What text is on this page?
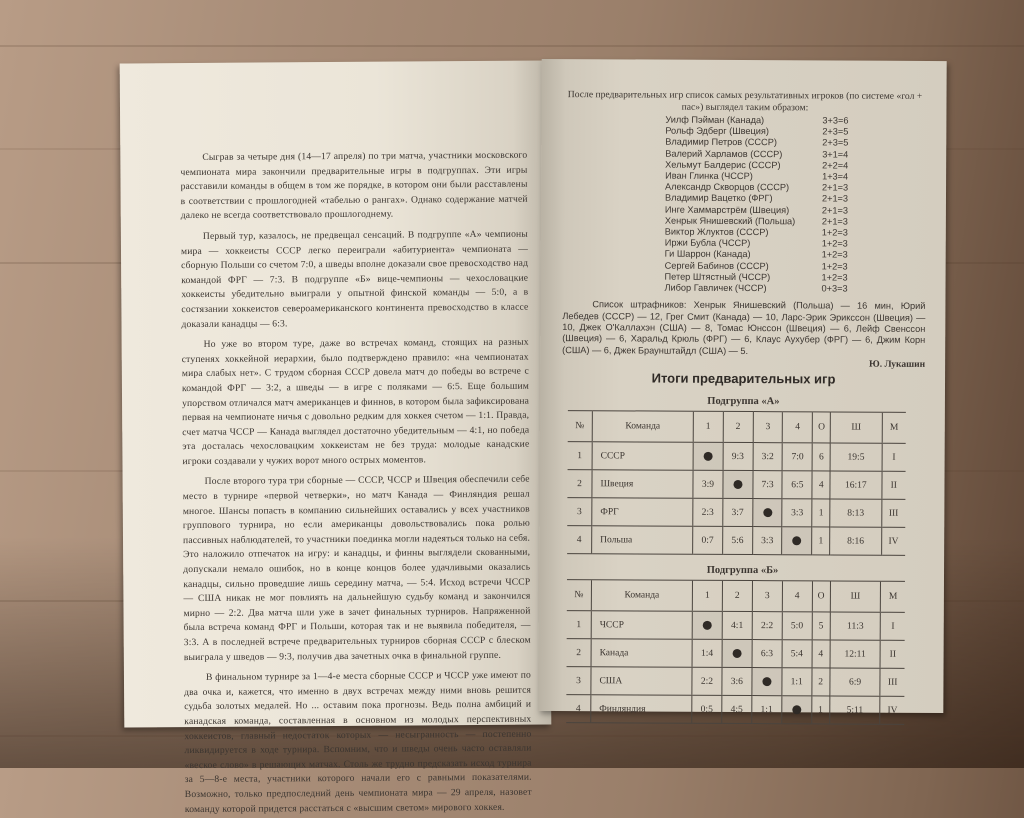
Сыграв за четыре дня (14—17 апреля) по три матча, участники московского чемпионата мира закончили предварительные игры в подгруппах. Эти игры расставили команды в общем в том же порядке, в котором они были расставлены в соответствии с прошлогодней «табелью о рангах». Однако содержание матчей далеко не всегда соответствовало прошлогоднему.

Первый тур, казалось, не предвещал сенсаций. В подгруппе «А» чемпионы мира — хоккеисты СССР легко переиграли «абитуриента» чемпионата — сборную Польши со счетом 7:0, а шведы вполне доказали свое превосходство над командой ФРГ — 7:3. В подгруппе «Б» вице-чемпионы — чехословацкие хоккеисты убедительно выиграли у опытной финской команды — 5:0, а в состязании хоккеистов североамериканского континента превосходство в классе доказали канадцы — 6:3.

Но уже во втором туре, даже во встречах команд, стоящих на разных ступенях хоккейной иерархии, было подтверждено правило: «на чемпионатах мира слабых нет». С трудом сборная СССР довела матч до победы во встрече с командой ФРГ — 3:2, а шведы — в игре с поляками — 6:5. Еще большим упорством отличался матч американцев и финнов, в котором была зафиксирована первая на чемпионате ничья с довольно редким для хоккея счетом — 1:1. Правда, счет матча ЧССР — Канада выглядел достаточно убедительным — 4:1, но победа эта досталась чехословацким хоккеистам не без труда: молодые канадские игроки создавали у чужих ворот много острых моментов.

После второго тура три сборные — СССР, ЧССР и Швеция обеспечили себе место в турнире «первой четверки», но матч Канада — Финляндия решал многое. Шансы попасть в компанию сильнейших оставались у всех участников группового турнира, но если американцы довольствовались пока ролью пассивных наблюдателей, то участники поединка могли надеяться только на себя. Это наложило отпечаток на игру: и канадцы, и финны выглядели скованными, допускали немало ошибок, но в конце концов более удачливыми оказались канадцы, сильно проведшие лишь середину матча, — 5:4. Исход встречи ЧССР — США никак не мог повлиять на дальнейшую судьбу команд и закончился мирно — 2:2. Два матча шли уже в зачет финальных турниров. Напряженной была встреча команд ФРГ и Польши, которая так и не выявила победителя, — 3:3. А в последней встрече предварительных турниров сборная СССР с блеском выиграла у шведов — 9:3, получив два зачетных очка в финальной группе.

В финальном турнире за 1—4-е места сборные СССР и ЧССР уже имеют по два очка и, кажется, что именно в двух встречах между ними вновь решится судьба золотых медалей. Но ... оставим пока прогнозы. Ведь полна амбиций и канадская команда, составленная в основном из молодых перспективных хоккеистов, главный недостаток которых — несыгранность — постепенно ликвидируется в ходе турнира. Вспомним, что и шведы очень часто оставляли «веское слово» в решающих матчах. Столь же трудно предсказать исход турнира за 5—8-е места, участники которого начали его с равными показателями. Возможно, только предпоследний день чемпионата мира — 29 апреля, назовет команду которой придется расстаться с «высшим светом» мирового хоккея.

После предварительных игр список самых результативных игроков (по системе «гол + пас») выглядел таким образом:

Уилф Пэйман (Канада)	3+3=6
Рольф Эдберг (Швеция)	2+3=5
Владимир Петров (СССР)	2+3=5
Валерий Харламов (СССР)	3+1=4
Хельмут Балдерис (СССР)	2+2=4
Иван Глинка (ЧССР)	1+3=4
Александр Скворцов (СССР)	2+1=3
Владимир Вацетко (ФРГ)	2+1=3
Инге Хаммарстрём (Швеция)	2+1=3
Хенрык Янишевский (Польша)	2+1=3
Виктор Жлуктов (СССР)	1+2=3
Иржи Бубла (ЧССР)	1+2=3
Ги Шаррон (Канада)	1+2=3
Сергей Бабинов (СССР)	1+2=3
Петер Штястный (ЧССР)	1+2=3
Либор Гавличек (ЧССР)	0+3=3

Список штрафников: Хенрык Янишевский (Польша) — 16 мин, Юрий Лебедев (СССР) — 12, Грег Смит (Канада) — 10, Ларс-Эрик Эрикссон (Швеция) — 10, Джек О'Каллахэн (США) — 8, Томас Юнссон (Швеция) — 6, Лейф Свенссон (Швеция) — 6, Харальд Крюль (ФРГ) — 6, Клаус Аухубер (ФРГ) — 6, Джим Корн (США) — 6, Джек Браунштайдл (США) — 5.

Ю. Лукашин
Итоги предварительных игр
Подгруппа «А»
№	Команда	1	2	3	4	О	Ш	М
1	СССР		9:3	3:2	7:0	6	19:5	I
2	Швеция	3:9		7:3	6:5	4	16:17	II
3	ФРГ	2:3	3:7		3:3	1	8:13	III
4	Польша	0:7	5:6	3:3		1	8:16	IV
Подгруппа «Б»
№	Команда	1	2	3	4	О	Ш	М
1	ЧССР		4:1	2:2	5:0	5	11:3	I
2	Канада	1:4		6:3	5:4	4	12:11	II
3	США	2:2	3:6		1:1	2	6:9	III
4	Финляндия	0:5	4:5	1:1		1	5:11	IV
